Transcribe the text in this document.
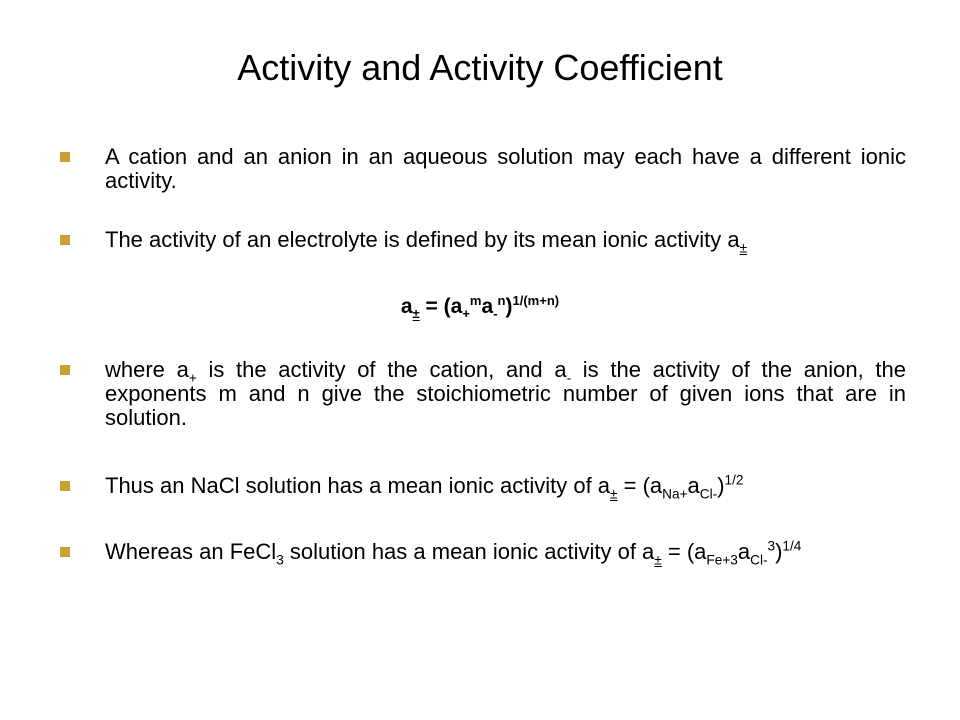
Activity and Activity Coefficient
A cation and an anion in an aqueous solution may each have a different ionic activity.
The activity of an electrolyte is defined by its mean ionic activity $a_\pm$
$a_\pm = (a_+^ma_-^n)^{1/(m+n)}$
where $a_+$ is the activity of the cation, and $a_-$ is the activity of the anion, the exponents m and n give the stoichiometric number of given ions that are in solution.
Thus an NaCl solution has a mean ionic activity of $a_\pm = (a_{Na+}a_{Cl-})^{1/2}$
Whereas an FeCl$_3$ solution has a mean ionic activity of $a_\pm = (a_{Fe+3}a_{Cl-}^3)^{1/4}$
